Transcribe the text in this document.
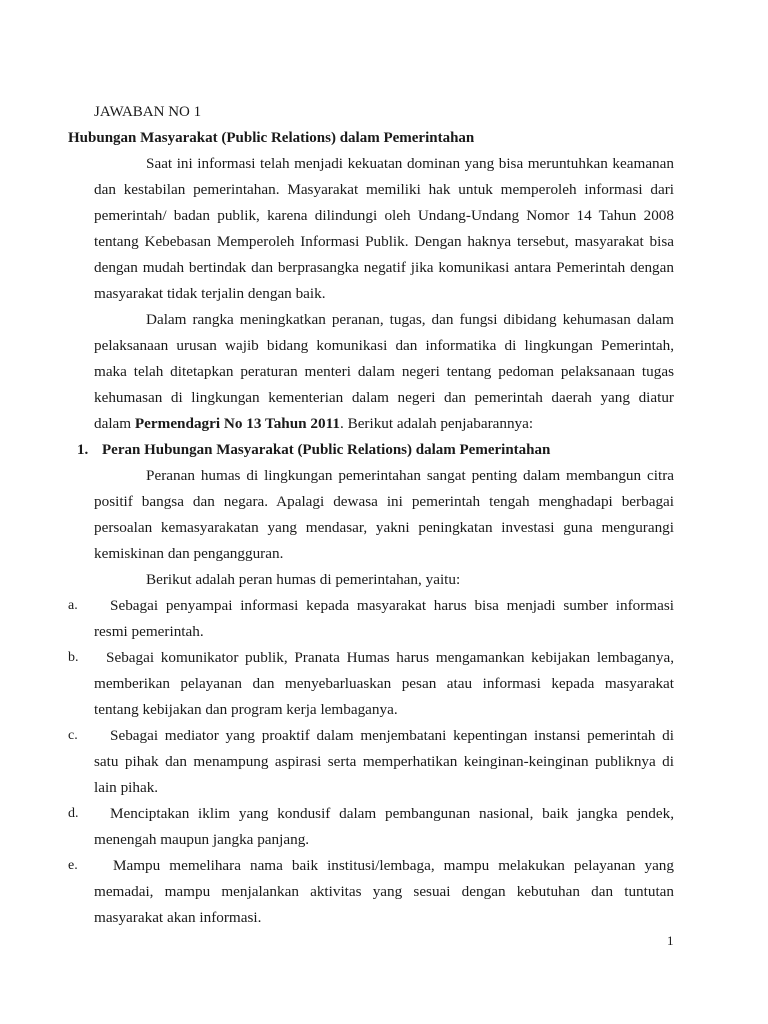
JAWABAN NO 1
Hubungan Masyarakat (Public Relations) dalam Pemerintahan
Saat ini informasi telah menjadi kekuatan dominan yang bisa meruntuhkan keamanan
dan kestabilan pemerintahan. Masyarakat memiliki hak untuk memperoleh informasi dari
pemerintah/ badan publik, karena dilindungi oleh Undang-Undang Nomor 14 Tahun 2008
tentang Kebebasan Memperoleh Informasi Publik. Dengan haknya tersebut, masyarakat bisa
dengan mudah bertindak dan berprasangka negatif jika komunikasi antara Pemerintah dengan
masyarakat tidak terjalin dengan baik.
Dalam rangka meningkatkan peranan, tugas, dan fungsi dibidang kehumasan dalam
pelaksanaan urusan wajib bidang komunikasi dan informatika di lingkungan Pemerintah,
maka telah ditetapkan peraturan menteri dalam negeri tentang pedoman pelaksanaan tugas
kehumasan di lingkungan kementerian dalam negeri dan pemerintah daerah yang diatur
dalam Permendagri No 13 Tahun 2011. Berikut adalah penjabarannya:
1. Peran Hubungan Masyarakat (Public Relations) dalam Pemerintahan
Peranan humas di lingkungan pemerintahan sangat penting dalam membangun citra
positif bangsa dan negara. Apalagi dewasa ini pemerintah tengah menghadapi berbagai
persoalan kemasyarakatan yang mendasar, yakni peningkatan investasi guna mengurangi
kemiskinan dan pengangguran.
Berikut adalah peran humas di pemerintahan, yaitu:
a. Sebagai penyampai informasi kepada masyarakat harus bisa menjadi sumber informasi
resmi pemerintah.
b. Sebagai komunikator publik, Pranata Humas harus mengamankan kebijakan lembaganya,
memberikan pelayanan dan menyebarluaskan pesan atau informasi kepada masyarakat
tentang kebijakan dan program kerja lembaganya.
c. Sebagai mediator yang proaktif dalam menjembatani kepentingan instansi pemerintah di
satu pihak dan menampung aspirasi serta memperhatikan keinginan-keinginan publiknya di
lain pihak.
d. Menciptakan iklim yang kondusif dalam pembangunan nasional, baik jangka pendek,
menengah maupun jangka panjang.
e. Mampu memelihara nama baik institusi/lembaga, mampu melakukan pelayanan yang
memadai, mampu menjalankan aktivitas yang sesuai dengan kebutuhan dan tuntutan
masyarakat akan informasi.
1
